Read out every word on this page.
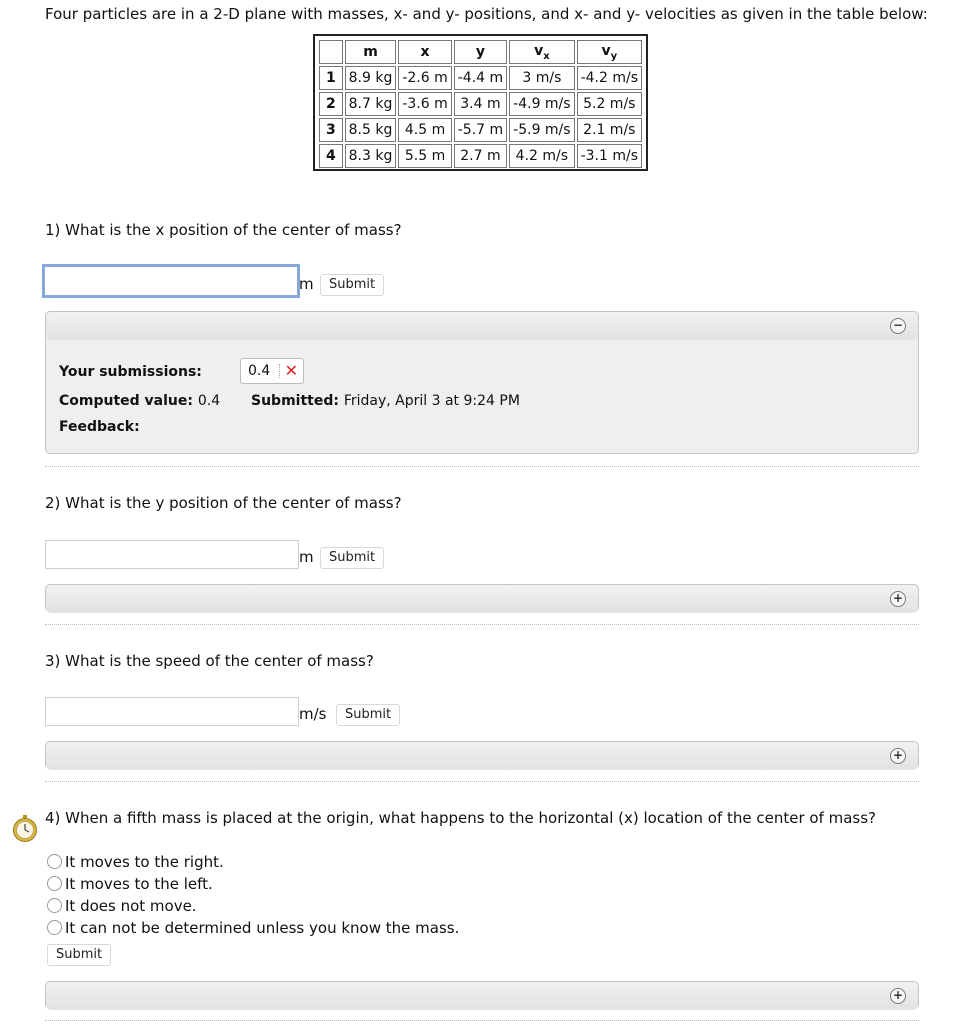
Four particles are in a 2-D plane with masses, x- and y- positions, and x- and y- velocities as given in the table below:
	m	x	y	$v_x$	$v_y$
1	8.9 kg	-2.6 m	-4.4 m	3 m/s	-4.2 m/s
2	8.7 kg	-3.6 m	3.4 m	-4.9 m/s	5.2 m/s
3	8.5 kg	4.5 m	-5.7 m	-5.9 m/s	2.1 m/s
4	8.3 kg	5.5 m	2.7 m	4.2 m/s	-3.1 m/s
1) What is the x position of the center of mass?
m	Submit
−
Your submissions:	0.4 ✕
Computed value: 0.4 Submitted: Friday, April 3 at 9:24 PM
Feedback:
2) What is the y position of the center of mass?
m	Submit
+
3) What is the speed of the center of mass?
m/s	Submit
+
4) When a fifth mass is placed at the origin, what happens to the horizontal (x) location of the center of mass?
It moves to the right.
It moves to the left.
It does not move.
It can not be determined unless you know the mass.
Submit
+
